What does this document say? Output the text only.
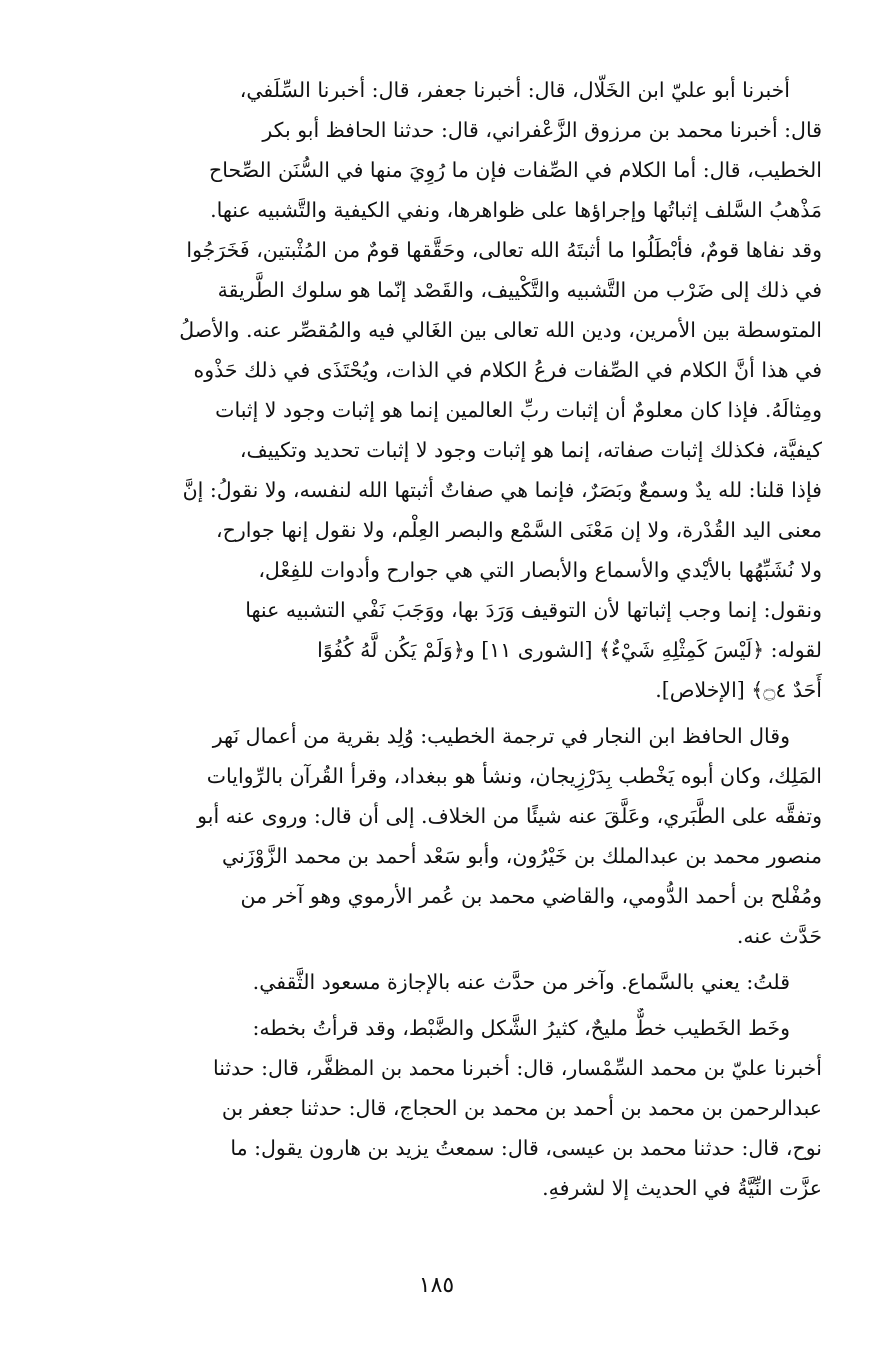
أخبرنا أبو عليّ ابن الخَلّال، قال: أخبرنا جعفر، قال: أخبرنا السِّلَفي،
قال: أخبرنا محمد بن مرزوق الزَّعْفراني، قال: حدثنا الحافظ أبو بكر
الخطيب، قال: أما الكلام في الصِّفات فإن ما رُوِيَ منها في السُّنَن الصِّحاح
مَذْهبُ السَّلف إثباتُها وإجراؤها على ظواهرها، ونفي الكيفية والتَّشبيه عنها.
وقد نفاها قومٌ، فأبْطَلُوا ما أثبتَهُ الله تعالى، وحَقَّقها قومٌ من المُثْبتين، فَخَرَجُوا
في ذلك إلى ضَرْب من التَّشبيه والتَّكْييف، والقَصْد إنّما هو سلوك الطَّريقة
المتوسطة بين الأمرين، ودين الله تعالى بين الغَالي فيه والمُقصِّر عنه. والأصلُ
في هذا أنَّ الكلام في الصِّفات فرعُ الكلام في الذات، ويُحْتَذَى في ذلك حَذْوه
ومِثالَهُ. فإذا كان معلومٌ أن إثبات ربِّ العالمين إنما هو إثبات وجود لا إثبات
كيفيَّة، فكذلك إثبات صفاته، إنما هو إثبات وجود لا إثبات تحديد وتكييف،
فإذا قلنا: لله يدٌ وسمعٌ وبَصَرٌ، فإنما هي صفاتٌ أثبتها الله لنفسه، ولا نقولُ: إنَّ
معنى اليد القُدْرة، ولا إن مَعْنَى السَّمْع والبصر العِلْم، ولا نقول إنها جوارح،
ولا نُشَبِّهُها بالأيْدي والأسماع والأبصار التي هي جوارح وأدوات للفِعْل،
ونقول: إنما وجب إثباتها لأن التوقيف وَرَدَ بها، ووَجَبَ نَفْي التشبيه عنها
لقوله: ﴿لَيْسَ كَمِثْلِهِ شَيْءٌ﴾ [الشورى ١١] و﴿وَلَمْ يَكُن لَّهُ كُفُوًا
أَحَدٌ ۝٤﴾ [الإخلاص].
وقال الحافظ ابن النجار في ترجمة الخطيب: وُلِد بقرية من أعمال نَهر
المَلِك، وكان أبوه يَخْطب بِدَرْزِيجان، ونشأ هو ببغداد، وقرأ القُرآن بالرِّوايات
وتفقَّه على الطَّبَري، وعَلَّقَ عنه شيئًا من الخلاف. إلى أن قال: وروى عنه أبو
منصور محمد بن عبدالملك بن خَيْرُون، وأبو سَعْد أحمد بن محمد الزَّوْزَني
ومُفْلح بن أحمد الدُّومي، والقاضي محمد بن عُمر الأرموي وهو آخر من
حَدَّث عنه.
قلتُ: يعني بالسَّماع. وآخر من حدَّث عنه بالإجازة مسعود الثَّقفي.
وخَط الخَطيب خطٌّ مليحٌ، كثيرُ الشَّكل والضَّبْط، وقد قرأتُ بخطه:
أخبرنا عليّ بن محمد السِّمْسار، قال: أخبرنا محمد بن المظفَّر، قال: حدثنا
عبدالرحمن بن محمد بن أحمد بن محمد بن الحجاج، قال: حدثنا جعفر بن
نوح، قال: حدثنا محمد بن عيسى، قال: سمعتُ يزيد بن هارون يقول: ما
عزَّت النِّيَّةُ في الحديث إلا لشرفهِ.
١٨٥
